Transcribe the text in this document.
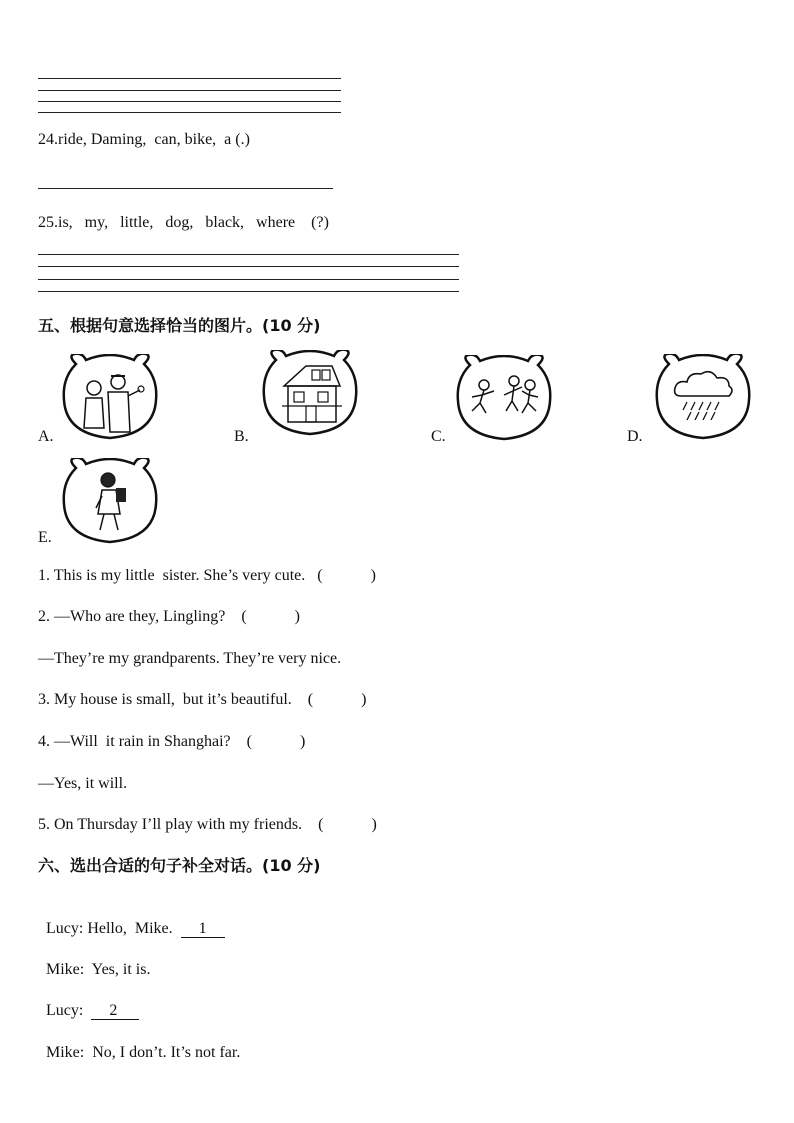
24.ride, Daming,  can, bike,  a (.)
25.is,   my,   little,   dog,   black,   where    (?)
五、根据句意选择恰当的图片。(10 分)
A.	B.	C.	D.
E.
1. This is my little  sister. She’s very cute.   (            )
2. —Who are they, Lingling?    (            )
—They’re my grandparents. They’re very nice.
3. My house is small,  but it’s beautiful.    (            )
4. —Will  it rain in Shanghai?    (            )
—Yes, it will.
5. On Thursday I’ll play with my friends.    (            )
六、选出合适的句子补全对话。(10 分)

Lucy: Hello,  Mike.      1

Mike:  Yes, it is.

Lucy:      2

Mike:  No, I don’t. It’s not far.
